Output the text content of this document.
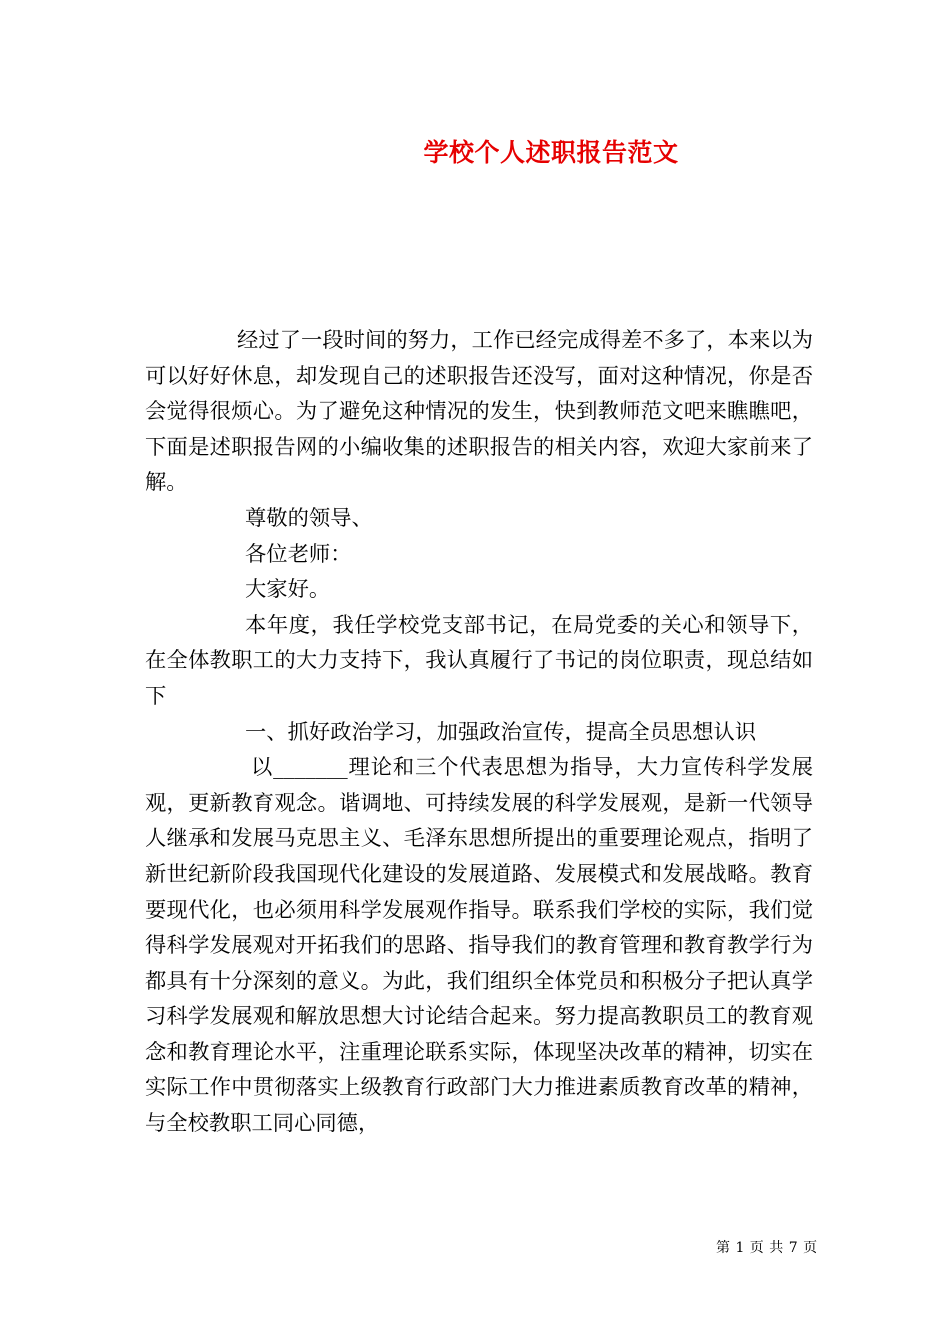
学校个人述职报告范文

经过了一段时间的努力，工作已经完成得差不多了，本来以为可以好好休息，却发现自己的述职报告还没写，面对这种情况，你是否会觉得很烦心。为了避免这种情况的发生，快到教师范文吧来瞧瞧吧，下面是述职报告网的小编收集的述职报告的相关内容，欢迎大家前来了解。

尊敬的领导、

各位老师：

大家好。

本年度，我任学校党支部书记，在局党委的关心和领导下，在全体教职工的大力支持下，我认真履行了书记的岗位职责，现总结如下

一、抓好政治学习，加强政治宣传，提高全员思想认识

以_______理论和三个代表思想为指导，大力宣传科学发展观，更新教育观念。谐调地、可持续发展的科学发展观，是新一代领导人继承和发展马克思主义、毛泽东思想所提出的重要理论观点，指明了新世纪新阶段我国现代化建设的发展道路、发展模式和发展战略。教育要现代化，也必须用科学发展观作指导。联系我们学校的实际，我们觉得科学发展观对开拓我们的思路、指导我们的教育管理和教育教学行为都具有十分深刻的意义。为此，我们组织全体党员和积极分子把认真学习科学发展观和解放思想大讨论结合起来。努力提高教职员工的教育观念和教育理论水平，注重理论联系实际，体现坚决改革的精神，切实在实际工作中贯彻落实上级教育行政部门大力推进素质教育改革的精神，与全校教职工同心同德，

第 1 页 共 7 页
